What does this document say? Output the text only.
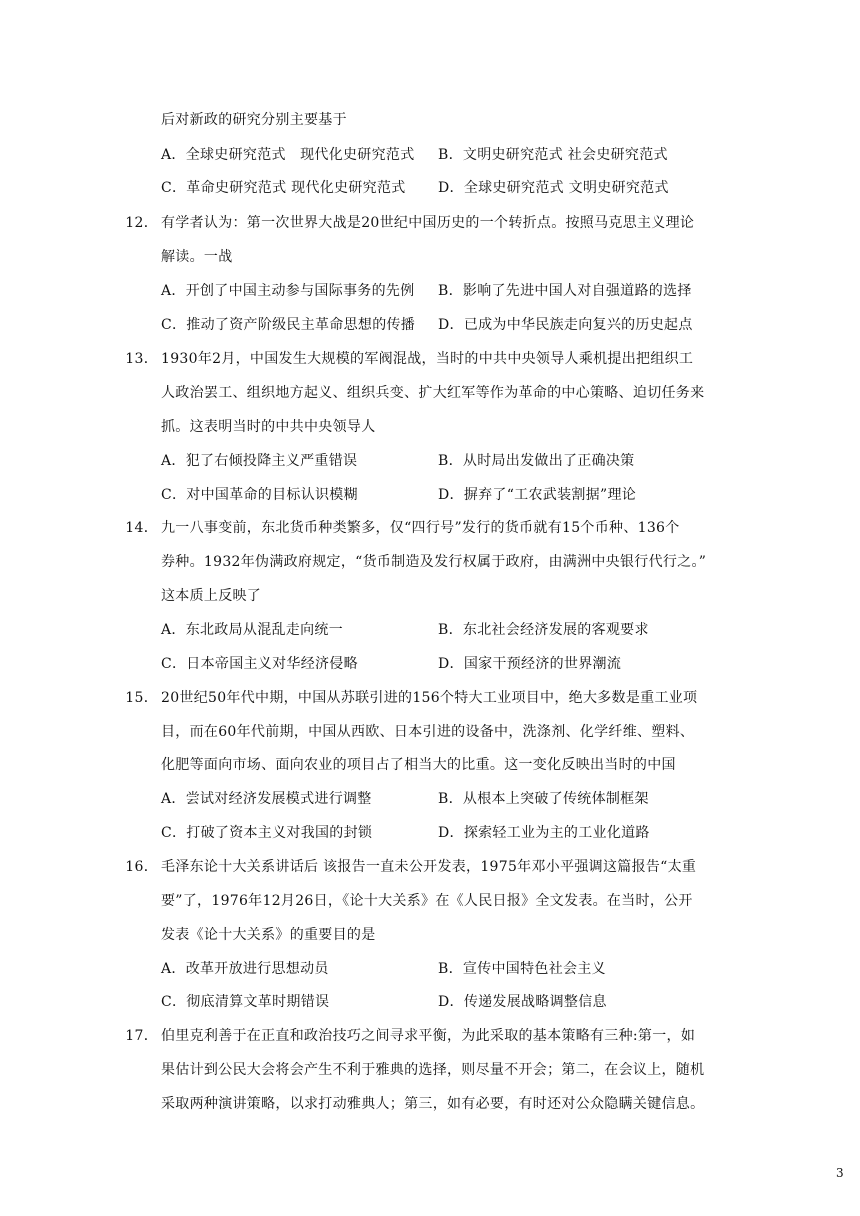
后对新政的研究分别主要基于
A．全球史研究范式　现代化史研究范式 B．文明史研究范式 社会史研究范式
C．革命史研究范式 现代化史研究范式 D．全球史研究范式 文明史研究范式
12． 有学者认为：第一次世界大战是20世纪中国历史的一个转折点。按照马克思主义理论
解读。一战
A．开创了中国主动参与国际事务的先例 B．影响了先进中国人对自强道路的选择
C．推动了资产阶级民主革命思想的传播 D．已成为中华民族走向复兴的历史起点
13． 1930年2月，中国发生大规模的军阀混战，当时的中共中央领导人乘机提出把组织工
人政治罢工、组织地方起义、组织兵变、扩大红军等作为革命的中心策略、迫切任务来
抓。这表明当时的中共中央领导人
A．犯了右倾投降主义严重错误	B．从时局出发做出了正确决策
C．对中国革命的目标认识模糊	D．摒弃了“工农武装割据”理论
14． 九一八事变前，东北货币种类繁多，仅“四行号”发行的货币就有15个币种、136个
券种。1932年伪满政府规定，“货币制造及发行权属于政府，由满洲中央银行代行之。”
这本质上反映了
A．东北政局从混乱走向统一	B．东北社会经济发展的客观要求
C．日本帝国主义对华经济侵略	D．国家干预经济的世界潮流
15． 20世纪50年代中期，中国从苏联引进的156个特大工业项目中，绝大多数是重工业项
目，而在60年代前期，中国从西欧、日本引进的设备中，洗涤剂、化学纤维、塑料、
化肥等面向市场、面向农业的项目占了相当大的比重。这一变化反映出当时的中国
A．尝试对经济发展模式进行调整	B．从根本上突破了传统体制框架
C．打破了资本主义对我国的封锁	D．探索轻工业为主的工业化道路
16． 毛泽东论十大关系讲话后 该报告一直未公开发表，1975年邓小平强调这篇报告“太重
要”了，1976年12月26日，《论十大关系》在《人民日报》全文发表。在当时，公开
发表《论十大关系》的重要目的是
A．改革开放进行思想动员	B．宣传中国特色社会主义
C．彻底清算文革时期错误	D．传递发展战略调整信息
17． 伯里克利善于在正直和政治技巧之间寻求平衡，为此采取的基本策略有三种:第一，如
果估计到公民大会将会产生不利于雅典的选择，则尽量不开会；第二，在会议上，随机
采取两种演讲策略，以求打动雅典人；第三，如有必要，有时还对公众隐瞒关键信息。
3
